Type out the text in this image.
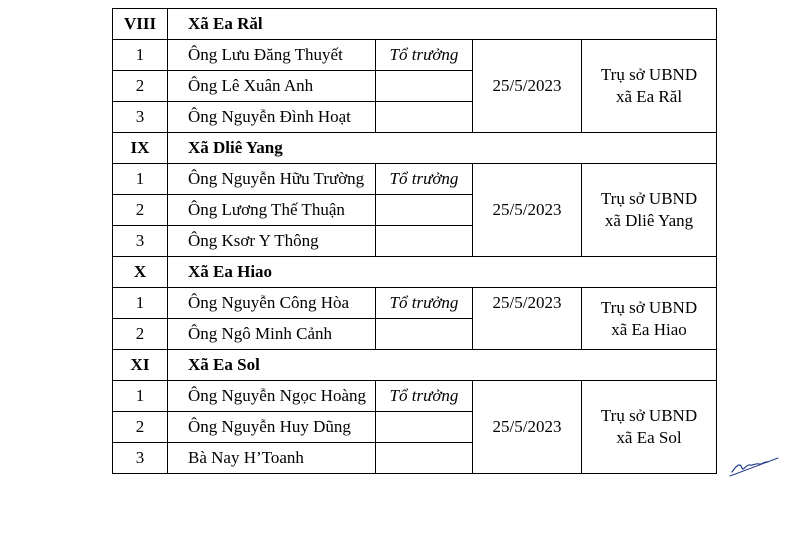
VIII	Xã Ea Răl			
1	Ông Lưu Đăng Thuyết	Tổ trưởng	25/5/2023	Trụ sở UBND
xã Ea Răl
2	Ông Lê Xuân Anh			
3	Ông Nguyễn Đình Hoạt			
IX	Xã Dliê Yang			
1	Ông Nguyễn Hữu Trường	Tổ trưởng	25/5/2023	Trụ sở UBND
xã Dliê Yang
2	Ông Lương Thế Thuận			
3	Ông Ksơr Y Thông			
X	Xã Ea Hiao			
1	Ông Nguyễn Công Hòa	Tổ trưởng	25/5/2023	Trụ sở UBND
xã Ea Hiao
2	Ông Ngô Minh Cảnh			
XI	Xã Ea Sol			
1	Ông Nguyễn Ngọc Hoàng	Tổ trưởng	25/5/2023	Trụ sở UBND
xã Ea Sol
2	Ông Nguyễn Huy Dũng			
3	Bà Nay H’Toanh			
